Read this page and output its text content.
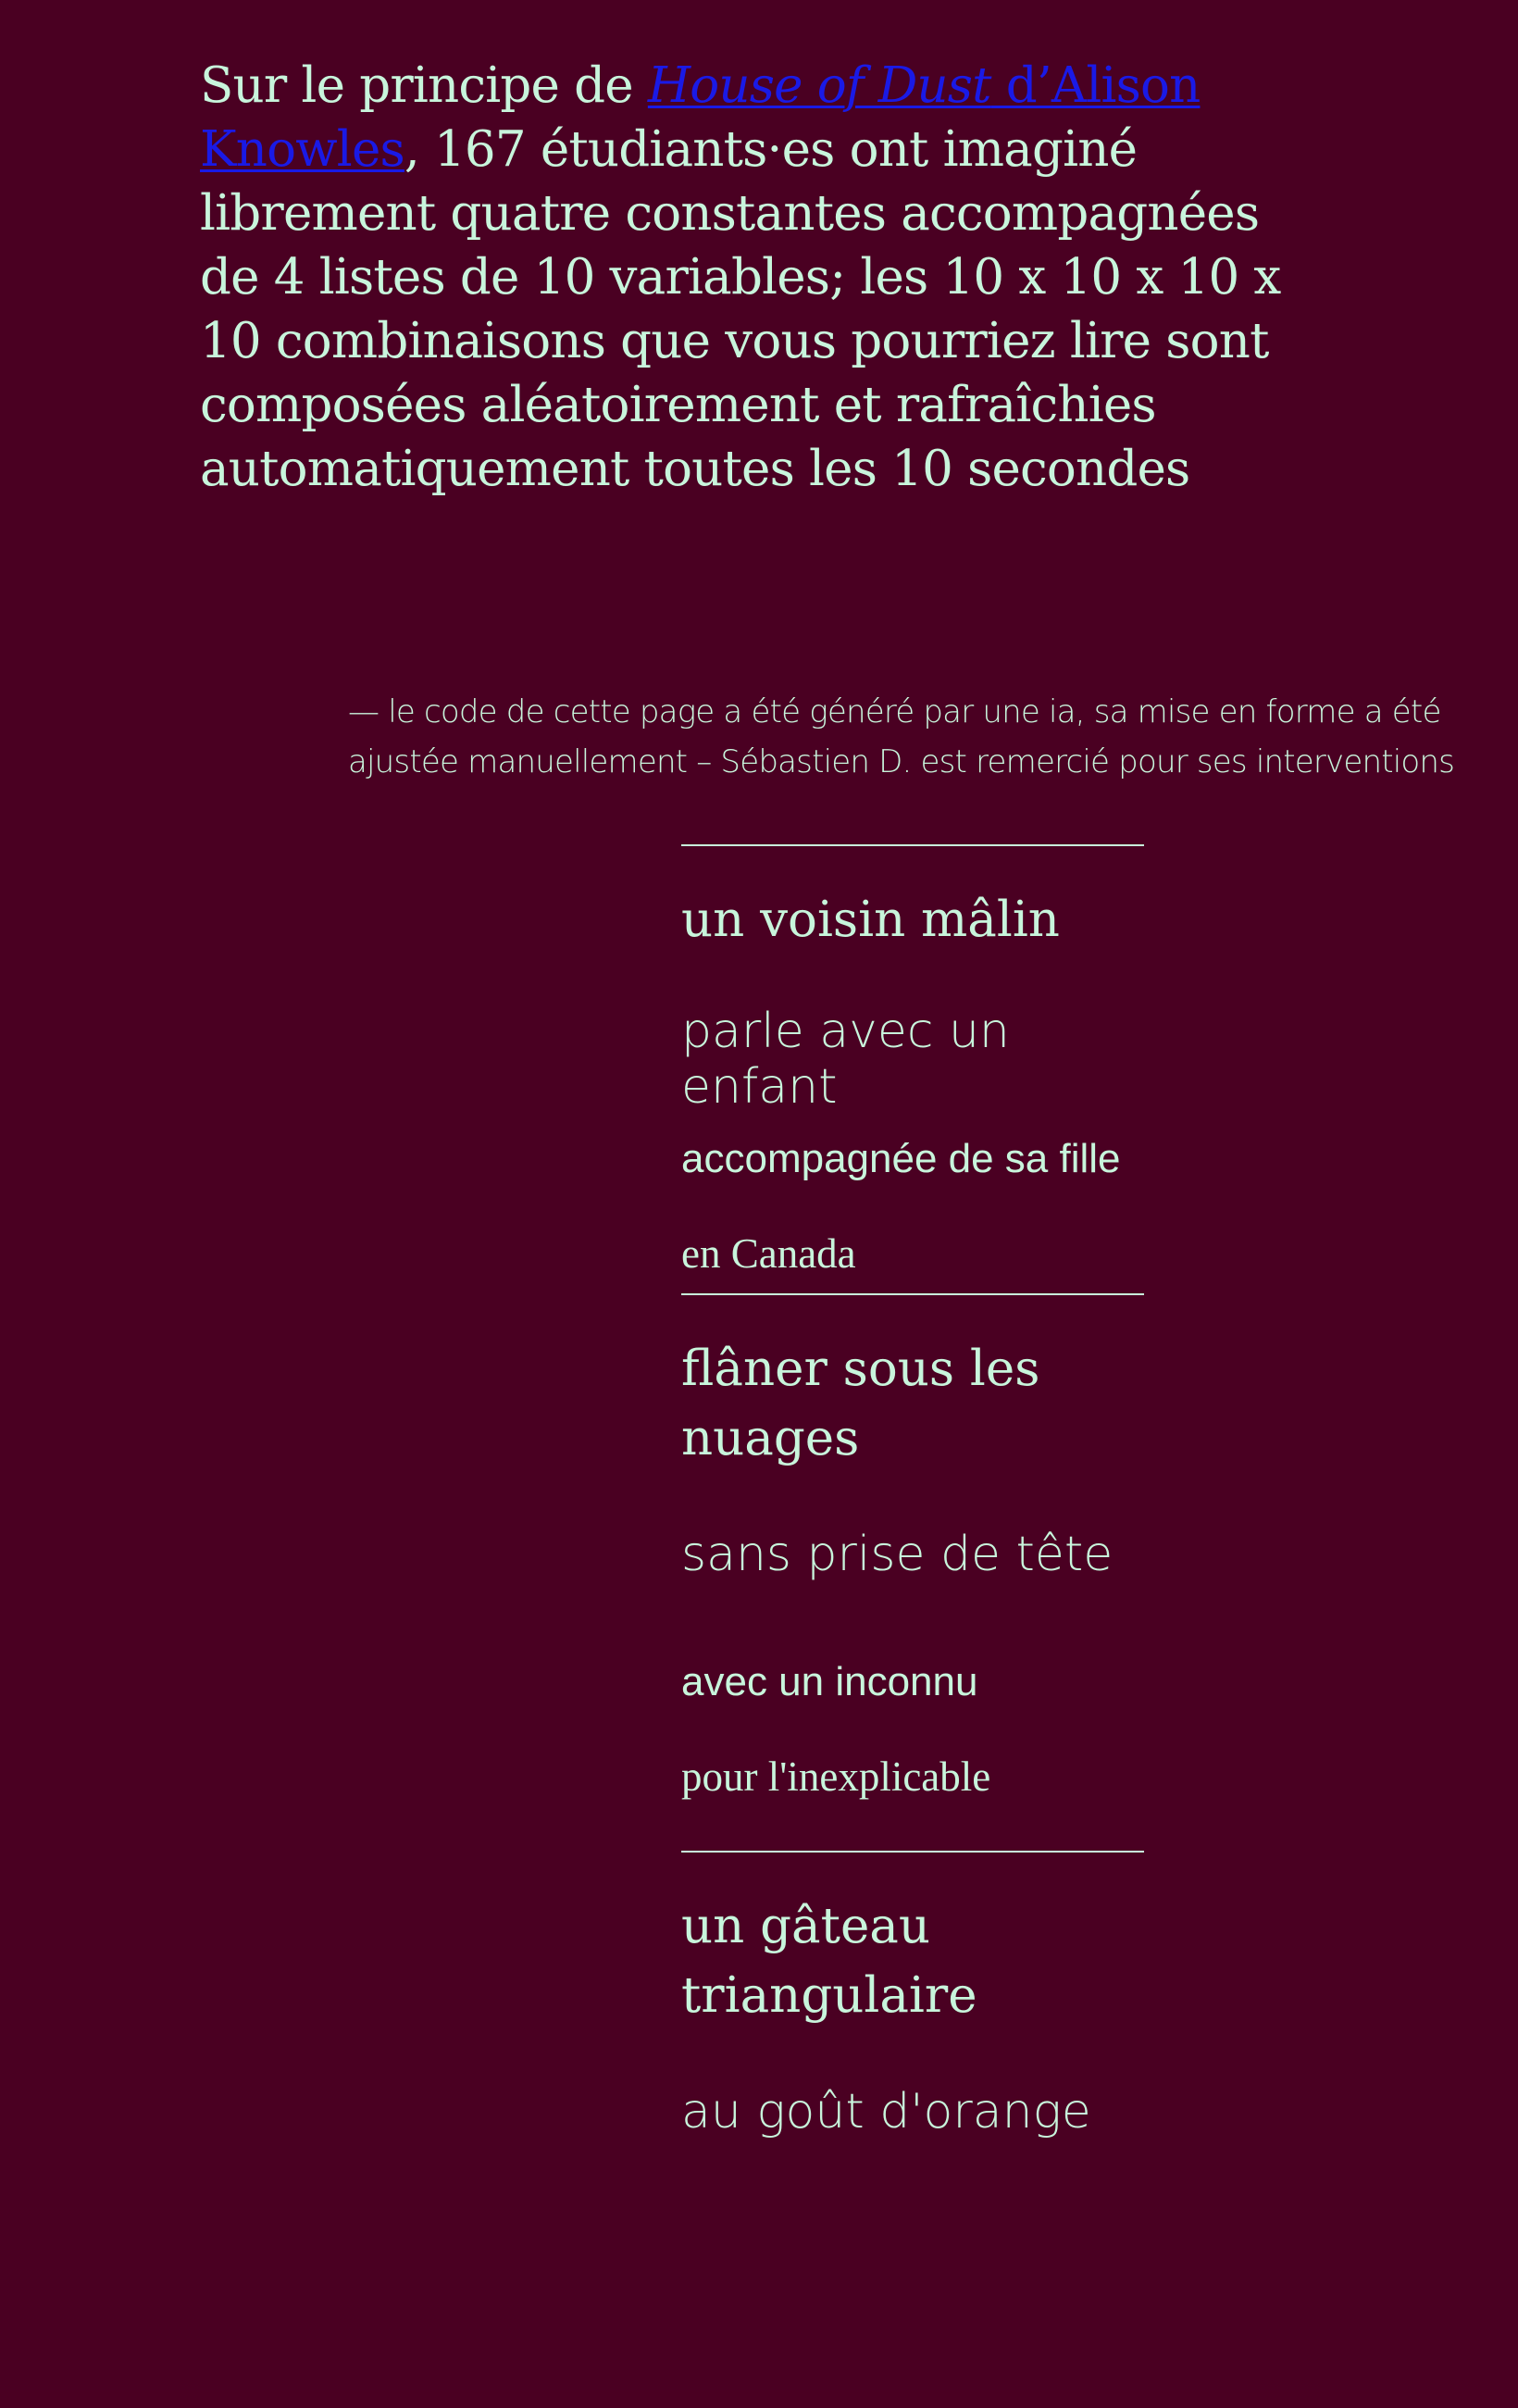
Sur le principe de House of Dust d’Alison Knowles, 167 étudiants·es ont imaginé librement quatre constantes accompagnées de 4 listes de 10 variables; les 10 x 10 x 10 x 10 combinaisons que vous pourriez lire sont composées aléatoirement et rafraîchies automatiquement toutes les 10 secondes

— le code de cette page a été généré par une ia, sa mise en forme a été ajustée manuellement – Sébastien D. est remercié pour ses interventions

un voisin mâlin

parle avec un enfant

accompagnée de sa fille

en Canada

flâner sous les nuages

sans prise de tête

avec un inconnu

pour l'inexplicable

un gâteau triangulaire

au goût d'orange
